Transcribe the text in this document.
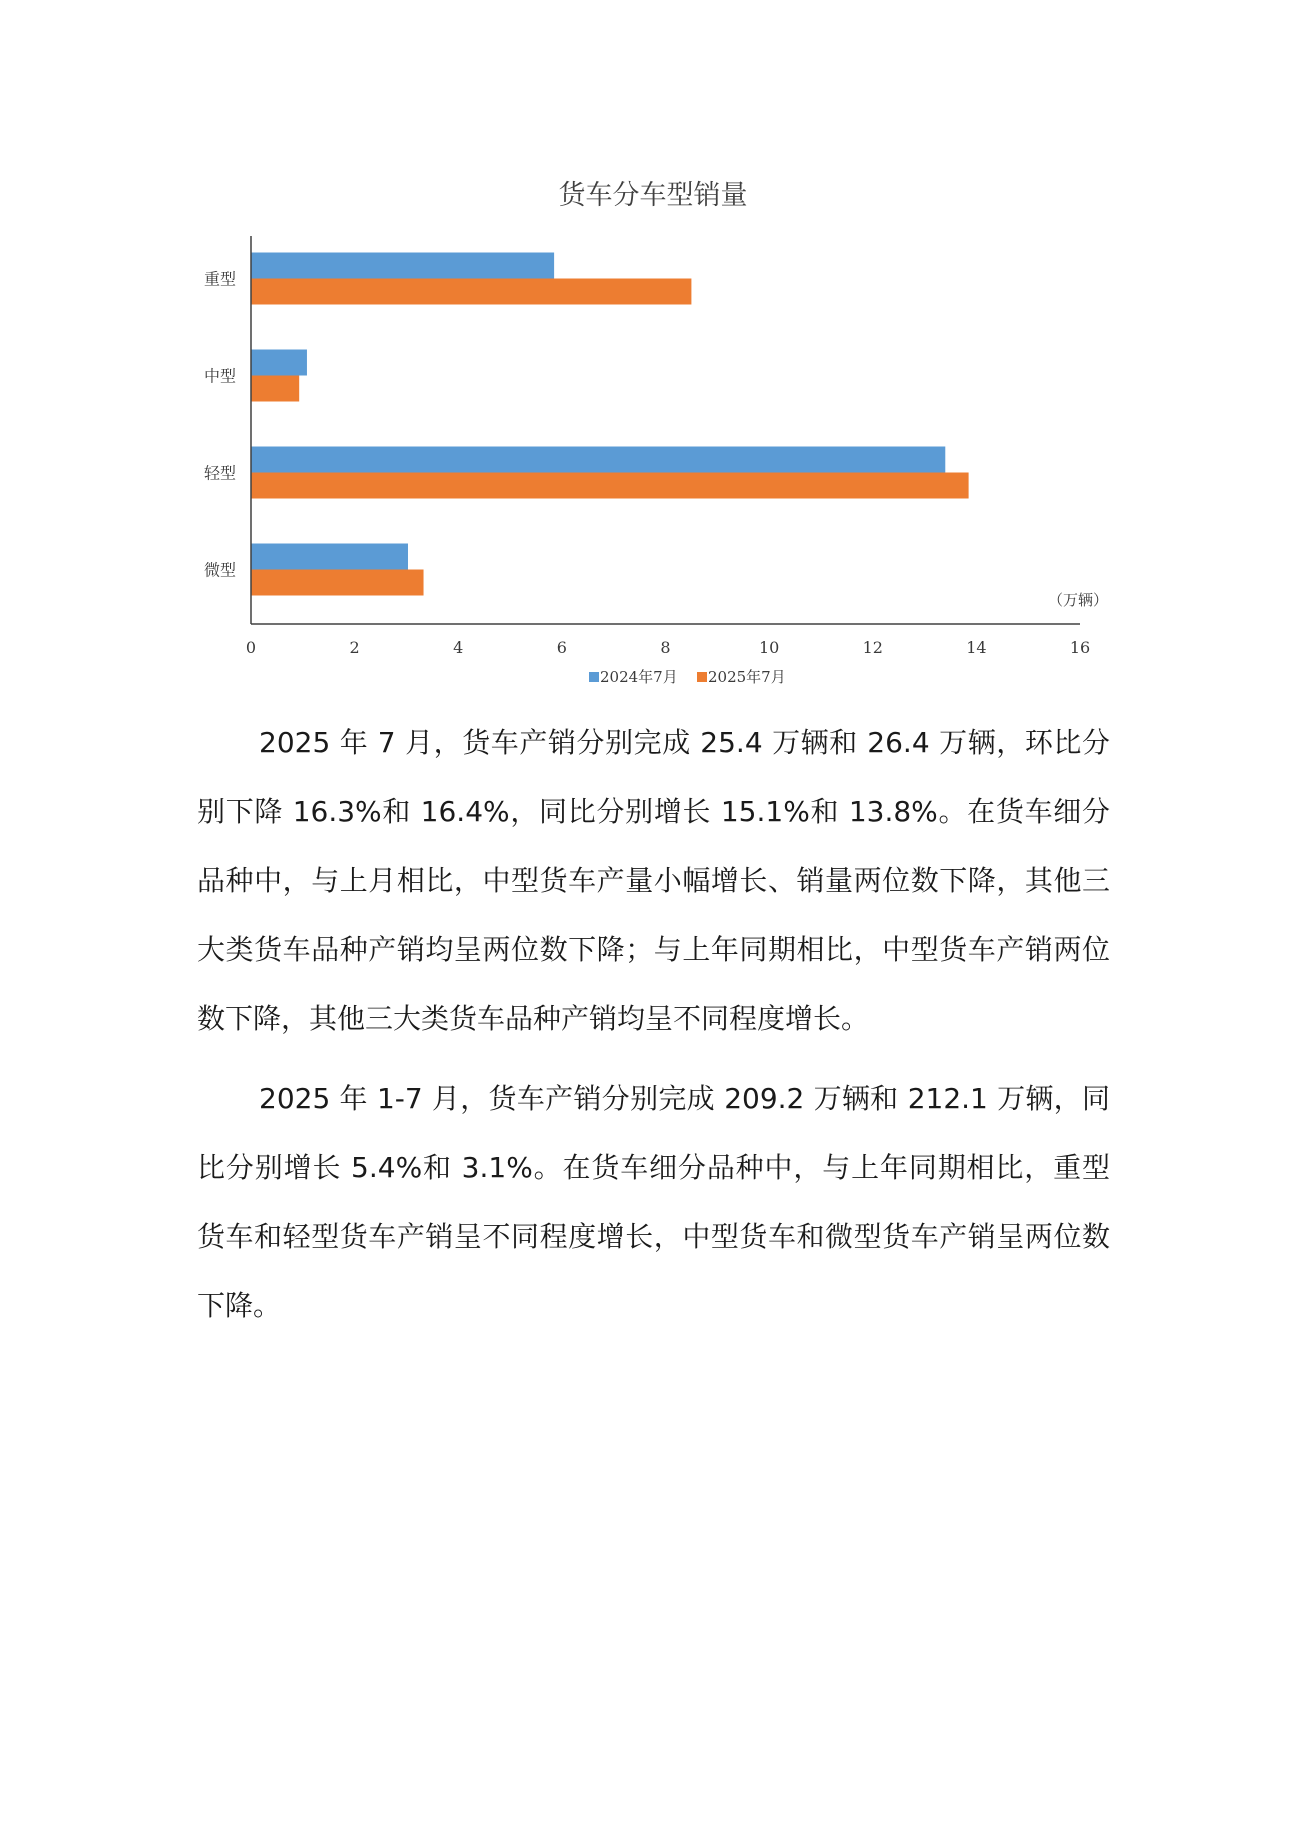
货车分车型销量
重型
中型
轻型
微型
0	2	4	6	8	10	12	14	16
（万辆）
2024年7月 2025年7月

2025 年 7 月，货车产销分别完成 25.4 万辆和 26.4 万辆，环比分别下降 16.3%和 16.4%，同比分别增长 15.1%和 13.8%。在货车细分品种中，与上月相比，中型货车产量小幅增长、销量两位数下降，其他三大类货车品种产销均呈两位数下降；与上年同期相比，中型货车产销两位数下降，其他三大类货车品种产销均呈不同程度增长。

2025 年 1-7 月，货车产销分别完成 209.2 万辆和 212.1 万辆，同比分别增长 5.4%和 3.1%。在货车细分品种中，与上年同期相比，重型货车和轻型货车产销呈不同程度增长，中型货车和微型货车产销呈两位数下降。
